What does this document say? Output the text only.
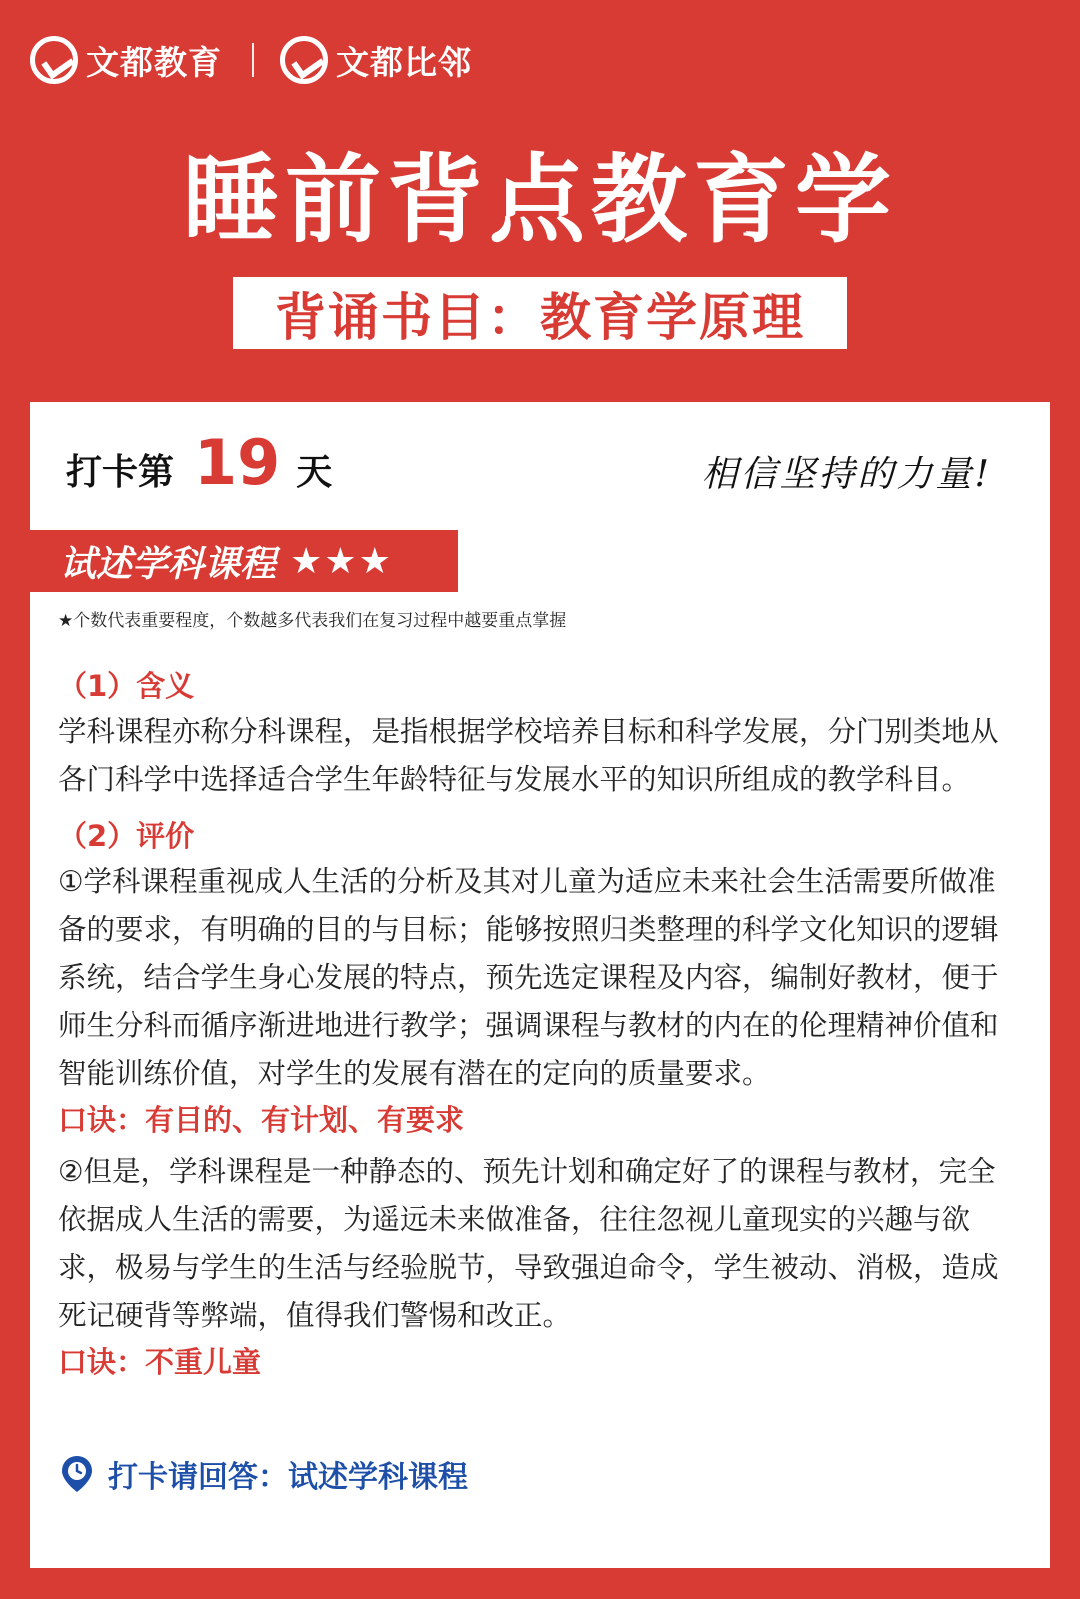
文都教育	文都比邻
睡前背点教育学
背诵书目：教育学原理
打卡第 19 天	相信坚持的力量!
试述学科课程 ★★★
★个数代表重要程度，个数越多代表我们在复习过程中越要重点掌握
（1）含义

学科课程亦称分科课程，是指根据学校培养目标和科学发展，分门别类地从各门科学中选择适合学生年龄特征与发展水平的知识所组成的教学科目。

（2）评价

①学科课程重视成人生活的分析及其对儿童为适应未来社会生活需要所做准备的要求，有明确的目的与目标；能够按照归类整理的科学文化知识的逻辑系统，结合学生身心发展的特点，预先选定课程及内容，编制好教材，便于师生分科而循序渐进地进行教学；强调课程与教材的内在的伦理精神价值和智能训练价值，对学生的发展有潜在的定向的质量要求。

口诀：有目的、有计划、有要求

②但是，学科课程是一种静态的、预先计划和确定好了的课程与教材，完全依据成人生活的需要，为遥远未来做准备，往往忽视儿童现实的兴趣与欲求，极易与学生的生活与经验脱节，导致强迫命令，学生被动、消极，造成死记硬背等弊端，值得我们警惕和改正。

口诀：不重儿童
打卡请回答：试述学科课程
